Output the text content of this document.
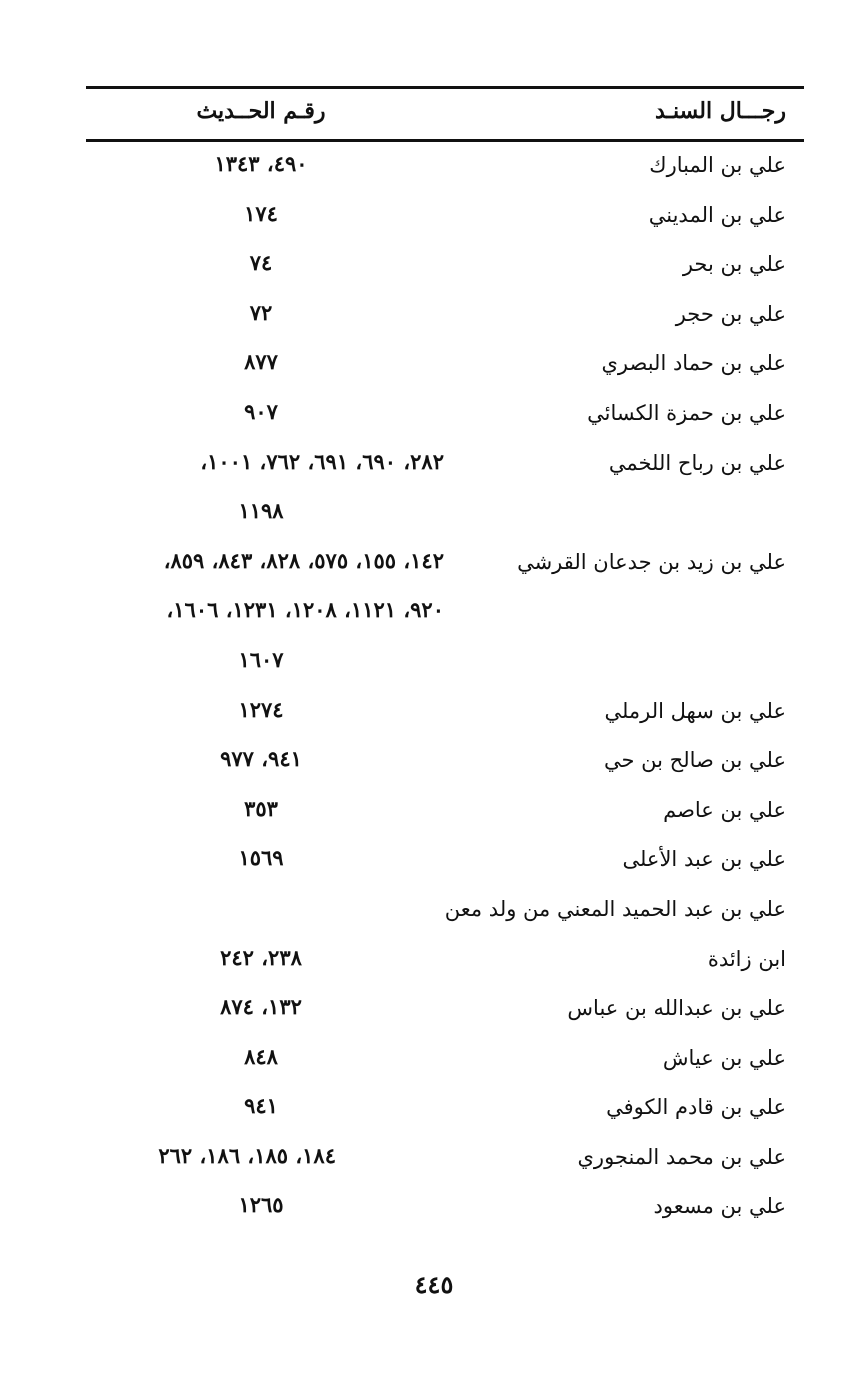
رجـــال السنـد
رقـم الحــديث
علي بن المبارك
٤٩٠، ١٣٤٣
علي بن المديني
١٧٤
علي بن بحر
٧٤
علي بن حجر
٧٢
علي بن حماد البصري
٨٧٧
علي بن حمزة الكسائي
٩٠٧
علي بن رباح اللخمي
٢٨٢، ٦٩٠، ٦٩١، ٧٦٢، ١٠٠١،
١١٩٨
علي بن زيد بن جدعان القرشي
١٤٢، ١٥٥، ٥٧٥، ٨٢٨، ٨٤٣، ٨٥٩،
٩٢٠، ١١٢١، ١٢٠٨، ١٢٣١، ١٦٠٦،
١٦٠٧
علي بن سهل الرملي
١٢٧٤
علي بن صالح بن حي
٩٤١، ٩٧٧
علي بن عاصم
٣٥٣
علي بن عبد الأعلى
١٥٦٩
علي بن عبد الحميد المعني من ولد معن
ابن زائدة
٢٣٨، ٢٤٢
علي بن عبدالله بن عباس
١٣٢، ٨٧٤
علي بن عياش
٨٤٨
علي بن قادم الكوفي
٩٤١
علي بن محمد المنجوري
١٨٤، ١٨٥، ١٨٦، ٢٦٢
علي بن مسعود
١٢٦٥
٤٤٥
